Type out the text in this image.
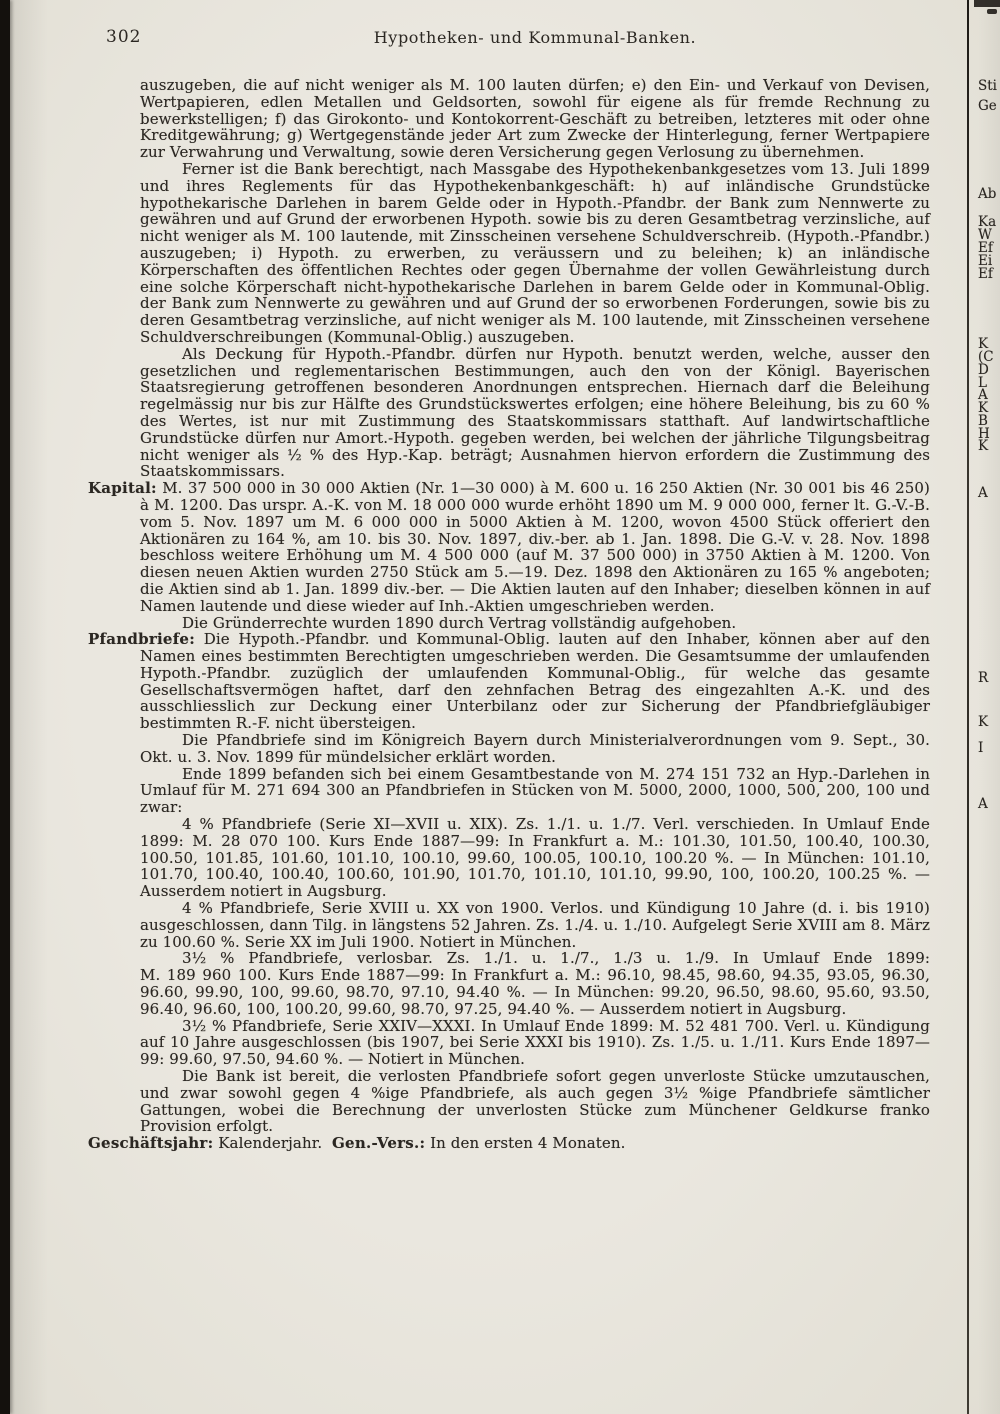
302	Hypotheken- und Kommunal-Banken.

auszugeben, die auf nicht weniger als M. 100 lauten dürfen; e) den Ein- und Verkauf von Devisen, Wertpapieren, edlen Metallen und Geldsorten, sowohl für eigene als für fremde Rechnung zu bewerkstelligen; f) das Girokonto- und Kontokorrent-Geschäft zu betreiben, letzteres mit oder ohne Kreditgewährung; g) Wertgegenstände jeder Art zum Zwecke der Hinterlegung, ferner Wertpapiere zur Verwahrung und Verwaltung, sowie deren Versicherung gegen Verlosung zu übernehmen.

Ferner ist die Bank berechtigt, nach Massgabe des Hypothekenbankgesetzes vom 13. Juli 1899 und ihres Reglements für das Hypothekenbankgeschäft: h) auf inländische Grundstücke hypothekarische Darlehen in barem Gelde oder in Hypoth.-Pfandbr. der Bank zum Nennwerte zu gewähren und auf Grund der erworbenen Hypoth. sowie bis zu deren Gesamtbetrag verzinsliche, auf nicht weniger als M. 100 lautende, mit Zinsscheinen versehene Schuldverschreib. (Hypoth.-Pfandbr.) auszugeben; i) Hypoth. zu erwerben, zu veräussern und zu beleihen; k) an inländische Körperschaften des öffentlichen Rechtes oder gegen Übernahme der vollen Gewährleistung durch eine solche Körperschaft nicht-hypothekarische Darlehen in barem Gelde oder in Kommunal-Oblig. der Bank zum Nennwerte zu gewähren und auf Grund der so erworbenen Forderungen, sowie bis zu deren Gesamtbetrag verzinsliche, auf nicht weniger als M. 100 lautende, mit Zinsscheinen versehene Schuldverschreibungen (Kommunal-Oblig.) auszugeben.

Als Deckung für Hypoth.-Pfandbr. dürfen nur Hypoth. benutzt werden, welche, ausser den gesetzlichen und reglementarischen Bestimmungen, auch den von der Königl. Bayerischen Staatsregierung getroffenen besonderen Anordnungen entsprechen. Hiernach darf die Beleihung regelmässig nur bis zur Hälfte des Grundstückswertes erfolgen; eine höhere Beleihung, bis zu 60 % des Wertes, ist nur mit Zustimmung des Staatskommissars statthaft. Auf landwirtschaftliche Grundstücke dürfen nur Amort.-Hypoth. gegeben werden, bei welchen der jährliche Tilgungsbeitrag nicht weniger als ½ % des Hyp.-Kap. beträgt; Ausnahmen hiervon erfordern die Zustimmung des Staatskommissars.

Kapital: M. 37 500 000 in 30 000 Aktien (Nr. 1—30 000) à M. 600 u. 16 250 Aktien (Nr. 30 001 bis 46 250) à M. 1200. Das urspr. A.-K. von M. 18 000 000 wurde erhöht 1890 um M. 9 000 000, ferner lt. G.-V.-B. vom 5. Nov. 1897 um M. 6 000 000 in 5000 Aktien à M. 1200, wovon 4500 Stück offeriert den Aktionären zu 164 %, am 10. bis 30. Nov. 1897, div.-ber. ab 1. Jan. 1898. Die G.-V. v. 28. Nov. 1898 beschloss weitere Erhöhung um M. 4 500 000 (auf M. 37 500 000) in 3750 Aktien à M. 1200. Von diesen neuen Aktien wurden 2750 Stück am 5.—19. Dez. 1898 den Aktionären zu 165 % angeboten; die Aktien sind ab 1. Jan. 1899 div.-ber. — Die Aktien lauten auf den Inhaber; dieselben können in auf Namen lautende und diese wieder auf Inh.-Aktien umgeschrieben werden.

Die Gründerrechte wurden 1890 durch Vertrag vollständig aufgehoben.

Pfandbriefe: Die Hypoth.-Pfandbr. und Kommunal-Oblig. lauten auf den Inhaber, können aber auf den Namen eines bestimmten Berechtigten umgeschrieben werden. Die Gesamtsumme der umlaufenden Hypoth.-Pfandbr. zuzüglich der umlaufenden Kommunal-Oblig., für welche das gesamte Gesellschaftsvermögen haftet, darf den zehnfachen Betrag des eingezahlten A.-K. und des ausschliesslich zur Deckung einer Unterbilanz oder zur Sicherung der Pfandbriefgläubiger bestimmten R.-F. nicht übersteigen.

Die Pfandbriefe sind im Königreich Bayern durch Ministerialverordnungen vom 9. Sept., 30. Okt. u. 3. Nov. 1899 für mündelsicher erklärt worden.

Ende 1899 befanden sich bei einem Gesamtbestande von M. 274 151 732 an Hyp.-Darlehen in Umlauf für M. 271 694 300 an Pfandbriefen in Stücken von M. 5000, 2000, 1000, 500, 200, 100 und zwar:

4 % Pfandbriefe (Serie XI—XVII u. XIX). Zs. 1./1. u. 1./7. Verl. verschieden. In Umlauf Ende 1899: M. 28 070 100. Kurs Ende 1887—99: In Frankfurt a. M.: 101.30, 101.50, 100.40, 100.30, 100.50, 101.85, 101.60, 101.10, 100.10, 99.60, 100.05, 100.10, 100.20 %. — In München: 101.10, 101.70, 100.40, 100.40, 100.60, 101.90, 101.70, 101.10, 101.10, 99.90, 100, 100.20, 100.25 %. — Ausserdem notiert in Augsburg.

4 % Pfandbriefe, Serie XVIII u. XX von 1900. Verlos. und Kündigung 10 Jahre (d. i. bis 1910) ausgeschlossen, dann Tilg. in längstens 52 Jahren. Zs. 1./4. u. 1./10. Aufgelegt Serie XVIII am 8. März zu 100.60 %. Serie XX im Juli 1900. Notiert in München.

3½ % Pfandbriefe, verlosbar. Zs. 1./1. u. 1./7., 1./3 u. 1./9. In Umlauf Ende 1899: M. 189 960 100. Kurs Ende 1887—99: In Frankfurt a. M.: 96.10, 98.45, 98.60, 94.35, 93.05, 96.30, 96.60, 99.90, 100, 99.60, 98.70, 97.10, 94.40 %. — In München: 99.20, 96.50, 98.60, 95.60, 93.50, 96.40, 96.60, 100, 100.20, 99.60, 98.70, 97.25, 94.40 %. — Ausserdem notiert in Augsburg.

3½ % Pfandbriefe, Serie XXIV—XXXI. In Umlauf Ende 1899: M. 52 481 700. Verl. u. Kündigung auf 10 Jahre ausgeschlossen (bis 1907, bei Serie XXXI bis 1910). Zs. 1./5. u. 1./11. Kurs Ende 1897—99: 99.60, 97.50, 94.60 %. — Notiert in München.

Die Bank ist bereit, die verlosten Pfandbriefe sofort gegen unverloste Stücke umzutauschen, und zwar sowohl gegen 4 %ige Pfandbriefe, als auch gegen 3½ %ige Pfandbriefe sämtlicher Gattungen, wobei die Berechnung der unverlosten Stücke zum Münchener Geldkurse franko Provision erfolgt.

Geschäftsjahr: Kalenderjahr.  Gen.-Vers.: In den ersten 4 Monaten.

Sti
Ge
Ab
Ka
W
Ef
Ei
Ef
K
(C
D
L
A
K
B
H
K
A
R
K
I
A
